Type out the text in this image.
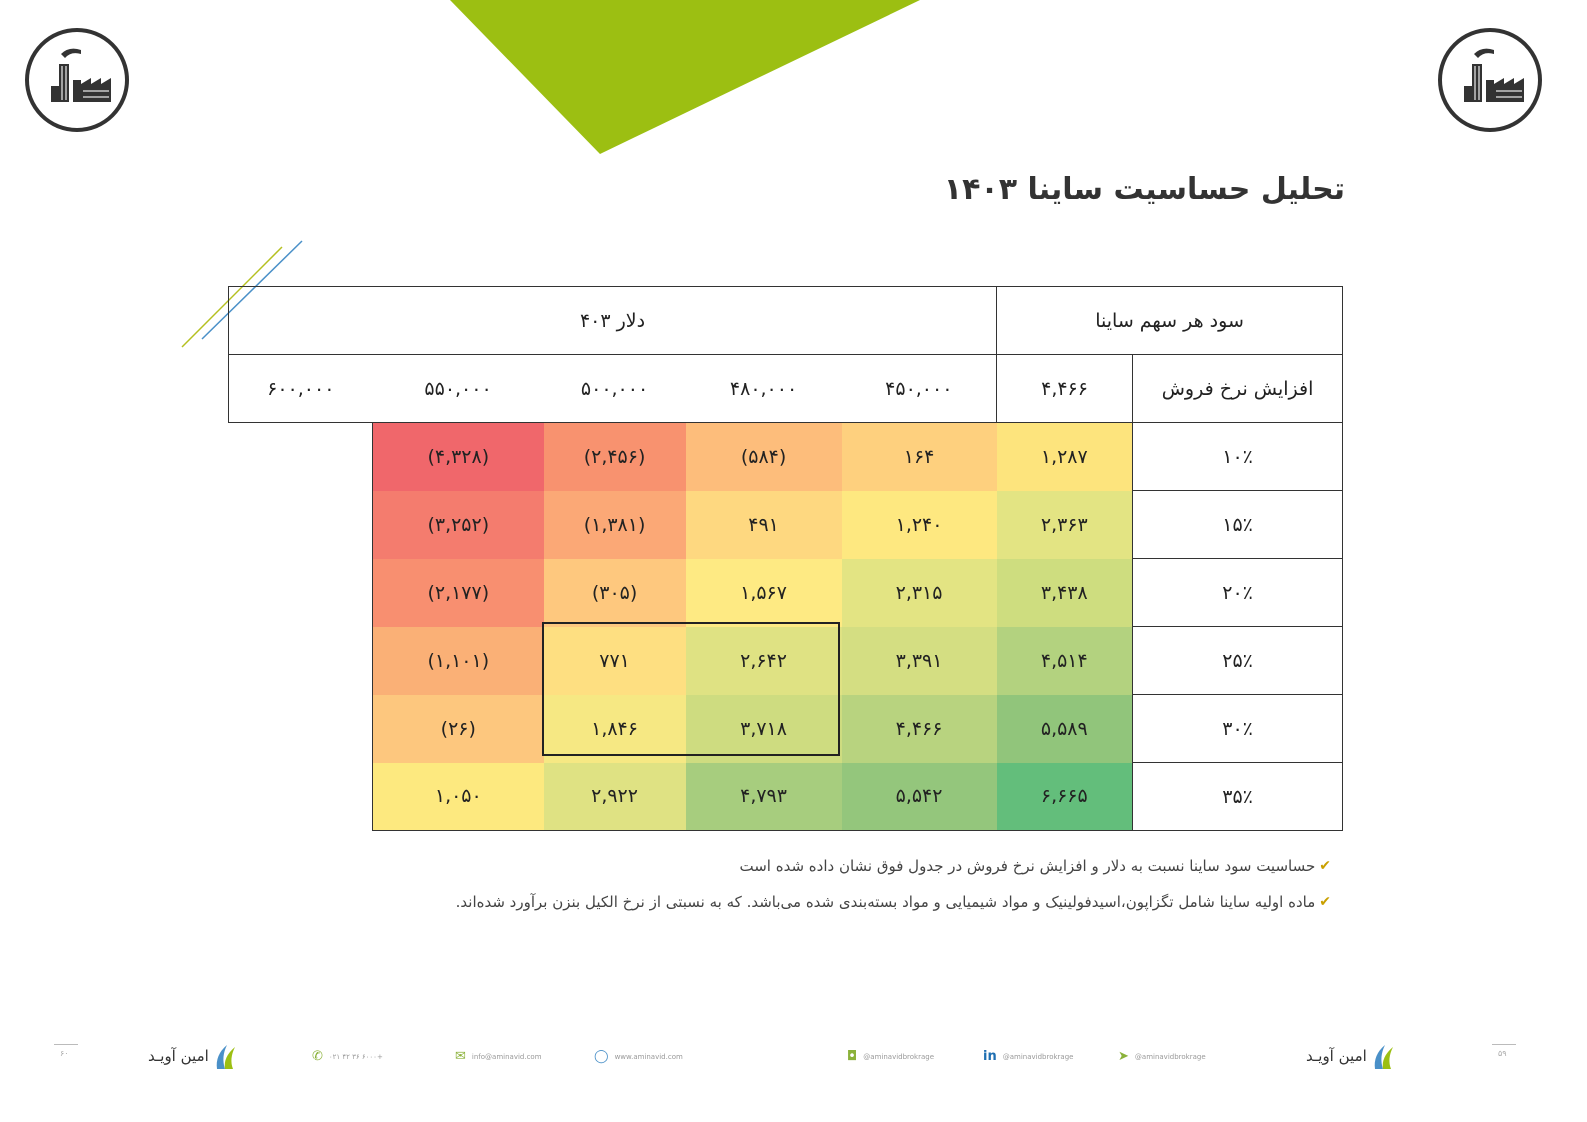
تحلیل حساسیت ساینا ۱۴۰۳
سود هر سهم ساینا		دلار ۴۰۳				
افزایش نرخ فروش	۴,۴۶۶	۴۵۰,۰۰۰	۴۸۰,۰۰۰	۵۰۰,۰۰۰	۵۵۰,۰۰۰	۶۰۰,۰۰۰
۱۰٪	۱,۲۸۷	۱۶۴	(۵۸۴)	(۲,۴۵۶)	(۴,۳۲۸)	
۱۵٪	۲,۳۶۳	۱,۲۴۰	۴۹۱	(۱,۳۸۱)	(۳,۲۵۲)	
۲۰٪	۳,۴۳۸	۲,۳۱۵	۱,۵۶۷	(۳۰۵)	(۲,۱۷۷)	
۲۵٪	۴,۵۱۴	۳,۳۹۱	۲,۶۴۲	۷۷۱	(۱,۱۰۱)	
۳۰٪	۵,۵۸۹	۴,۴۶۶	۳,۷۱۸	۱,۸۴۶	(۲۶)	
۳۵٪	۶,۶۶۵	۵,۵۴۲	۴,۷۹۳	۲,۹۲۲	۱,۰۵۰	
✔
حساسیت سود ساینا نسبت به دلار و افزایش نرخ فروش در جدول فوق نشان داده شده است
✔
ماده اولیه ساینا شامل تگزاپون،اسیدفولینیک و مواد شیمیایی و مواد بسته‌بندی شده می‌باشد. که به نسبتی از نرخ الکیل بنزن برآورد شده‌اند.
۶۰	امین آویـد	✆ ۰۲۱ ۴۲ ۳۶ ۶۰۰۰+	✉ info@aminavid.com	◯ www.aminavid.com	◘ @aminavidbrokrage	in @aminavidbrokrage	➤ @aminavidbrokrage	امین آویـد	۵۹
